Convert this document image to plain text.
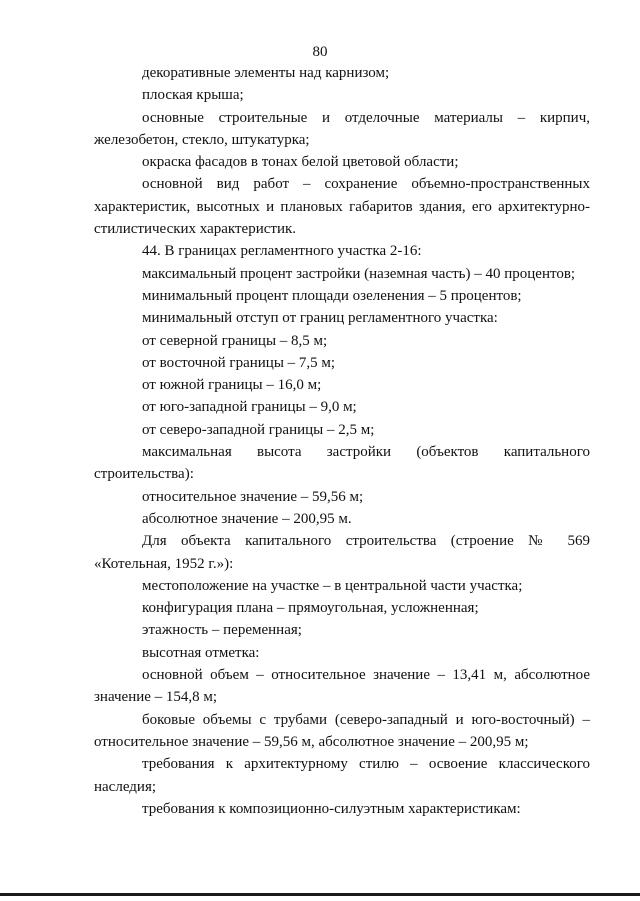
80

декоративные элементы над карнизом;

плоская крыша;

основные строительные и отделочные материалы – кирпич, железобетон, стекло, штукатурка;

окраска фасадов в тонах белой цветовой области;

основной вид работ – сохранение объемно-пространственных характеристик, высотных и плановых габаритов здания, его архитектурно-стилистических характеристик.

44. В границах регламентного участка 2-16:

максимальный процент застройки (наземная часть) – 40 процентов;

минимальный процент площади озеленения – 5 процентов;

минимальный отступ от границ регламентного участка:

от северной границы – 8,5 м;

от восточной границы – 7,5 м;

от южной границы – 16,0 м;

от юго-западной границы – 9,0 м;

от северо-западной границы – 2,5 м;

максимальная высота застройки (объектов капитального строительства):

относительное значение – 59,56 м;

абсолютное значение – 200,95 м.

Для объекта капитального строительства (строение № 569 «Котельная, 1952 г.»):

местоположение на участке – в центральной части участка;

конфигурация плана – прямоугольная, усложненная;

этажность – переменная;

высотная отметка:

основной объем – относительное значение – 13,41 м, абсолютное значение – 154,8 м;

боковые объемы с трубами (северо-западный и юго-восточный) – относительное значение – 59,56 м, абсолютное значение – 200,95 м;

требования к архитектурному стилю – освоение классического наследия;

требования к композиционно-силуэтным характеристикам:
